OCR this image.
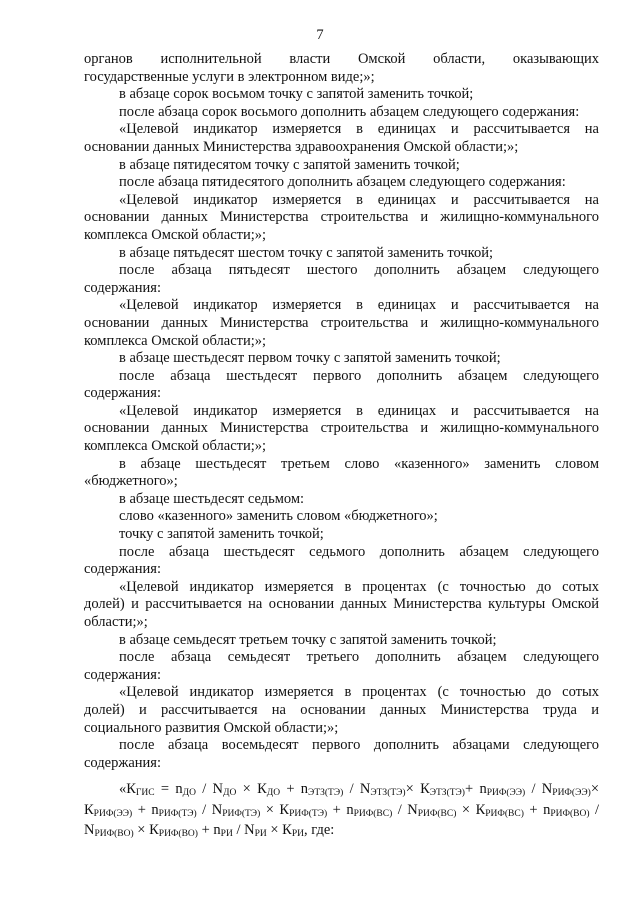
7
органов исполнительной власти Омской области, оказывающих
государственные услуги в электронном виде;»;
в абзаце сорок восьмом точку с запятой заменить точкой;
после абзаца сорок восьмого дополнить абзацем следующего содержания:
«Целевой индикатор измеряется в единицах и рассчитывается на
основании данных Министерства здравоохранения Омской области;»;
в абзаце пятидесятом точку с запятой заменить точкой;
после абзаца пятидесятого дополнить абзацем следующего содержания:
«Целевой индикатор измеряется в единицах и рассчитывается на
основании данных Министерства строительства и жилищно-коммунального
комплекса Омской области;»;
в абзаце пятьдесят шестом точку с запятой заменить точкой;
после абзаца пятьдесят шестого дополнить абзацем следующего
содержания:
«Целевой индикатор измеряется в единицах и рассчитывается на
основании данных Министерства строительства и жилищно-коммунального
комплекса Омской области;»;
в абзаце шестьдесят первом точку с запятой заменить точкой;
после абзаца шестьдесят первого дополнить абзацем следующего
содержания:
«Целевой индикатор измеряется в единицах и рассчитывается на
основании данных Министерства строительства и жилищно-коммунального
комплекса Омской области;»;
в абзаце шестьдесят третьем слово «казенного» заменить словом
«бюджетного»;
в абзаце шестьдесят седьмом:
слово «казенного» заменить словом «бюджетного»;
точку с запятой заменить точкой;
после абзаца шестьдесят седьмого дополнить абзацем следующего
содержания:
«Целевой индикатор измеряется в процентах (с точностью до сотых
долей) и рассчитывается на основании данных Министерства культуры Омской
области;»;
в абзаце семьдесят третьем точку с запятой заменить точкой;
после абзаца семьдесят третьего дополнить абзацем следующего
содержания:
«Целевой индикатор измеряется в процентах (с точностью до сотых
долей) и рассчитывается на основании данных Министерства труда и
социального развития Омской области;»;
после абзаца восемьдесят первого дополнить абзацами следующего
содержания:
«$К_{ГИС} = n_{ДО} / N_{ДО} \times К_{ДО} + n_{ЭТЗ(ТЭ)} / N_{ЭТЗ(ТЭ)}\times К_{ЭТЗ(ТЭ)}+ n_{РИФ(ЭЭ)} / N_{РИФ(ЭЭ)}\times$
$К_{РИФ(ЭЭ)} + n_{РИФ(ТЭ)} / N_{РИФ(ТЭ)} \times К_{РИФ(ТЭ)} + n_{РИФ(ВС)} / N_{РИФ(ВС)} \times К_{РИФ(ВС)} + n_{РИФ(ВО)}$ /
$N_{РИФ(ВО)} \times К_{РИФ(ВО)} + n_{РИ} / N_{РИ} \times К_{РИ}$, где:
